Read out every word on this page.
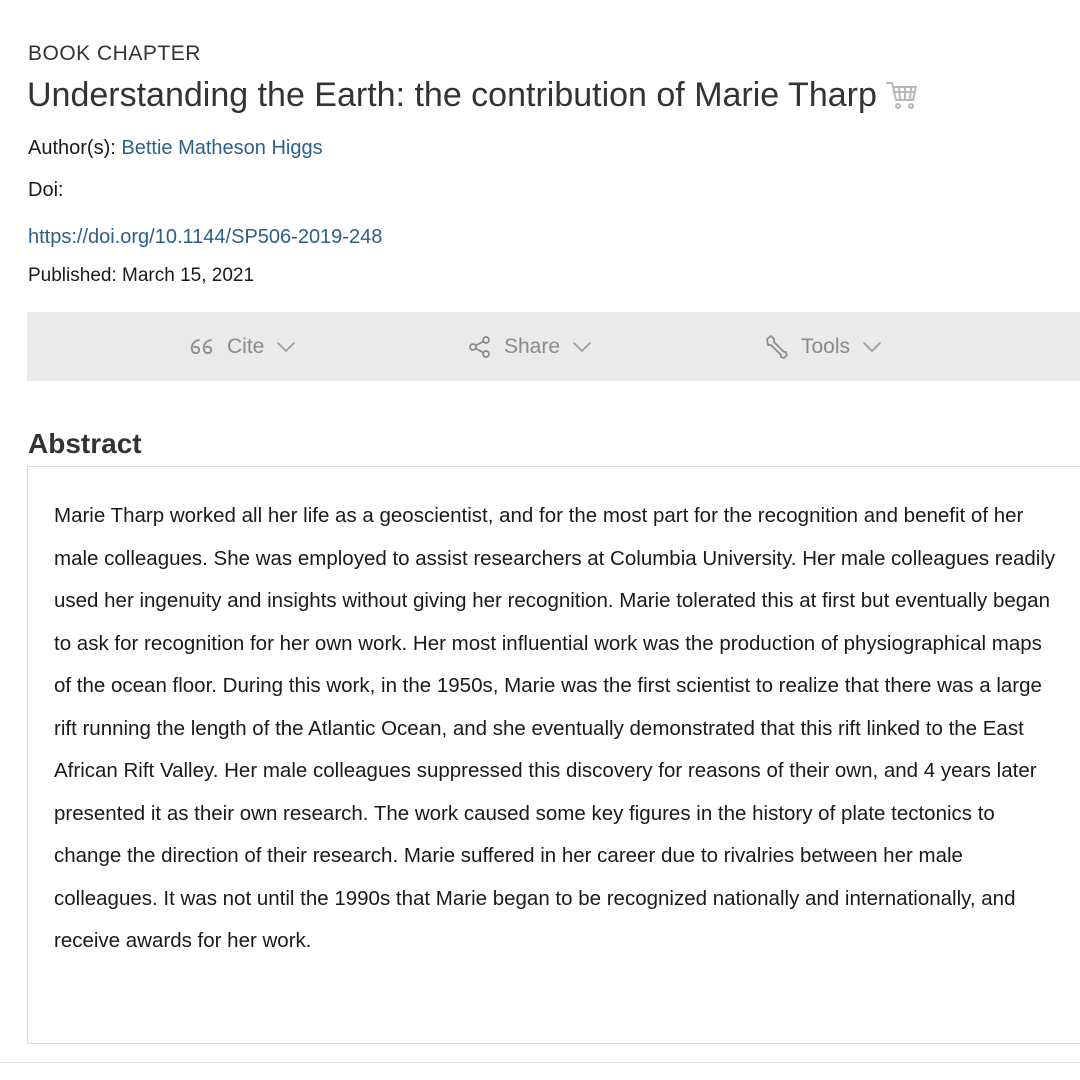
BOOK CHAPTER
Understanding the Earth: the contribution of Marie Tharp
Author(s): Bettie Matheson Higgs
Doi:
https://doi.org/10.1144/SP506-2019-248
Published: March 15, 2021
Cite	Share	Tools
Abstract

Marie Tharp worked all her life as a geoscientist, and for the most part for the recognition and benefit of her male colleagues. She was employed to assist researchers at Columbia University. Her male colleagues readily used her ingenuity and insights without giving her recognition. Marie tolerated this at first but eventually began to ask for recognition for her own work. Her most influential work was the production of physiographical maps of the ocean floor. During this work, in the 1950s, Marie was the first scientist to realize that there was a large rift running the length of the Atlantic Ocean, and she eventually demonstrated that this rift linked to the East African Rift Valley. Her male colleagues suppressed this discovery for reasons of their own, and 4 years later presented it as their own research. The work caused some key figures in the history of plate tectonics to change the direction of their research. Marie suffered in her career due to rivalries between her male colleagues. It was not until the 1990s that Marie began to be recognized nationally and internationally, and receive awards for her work.
